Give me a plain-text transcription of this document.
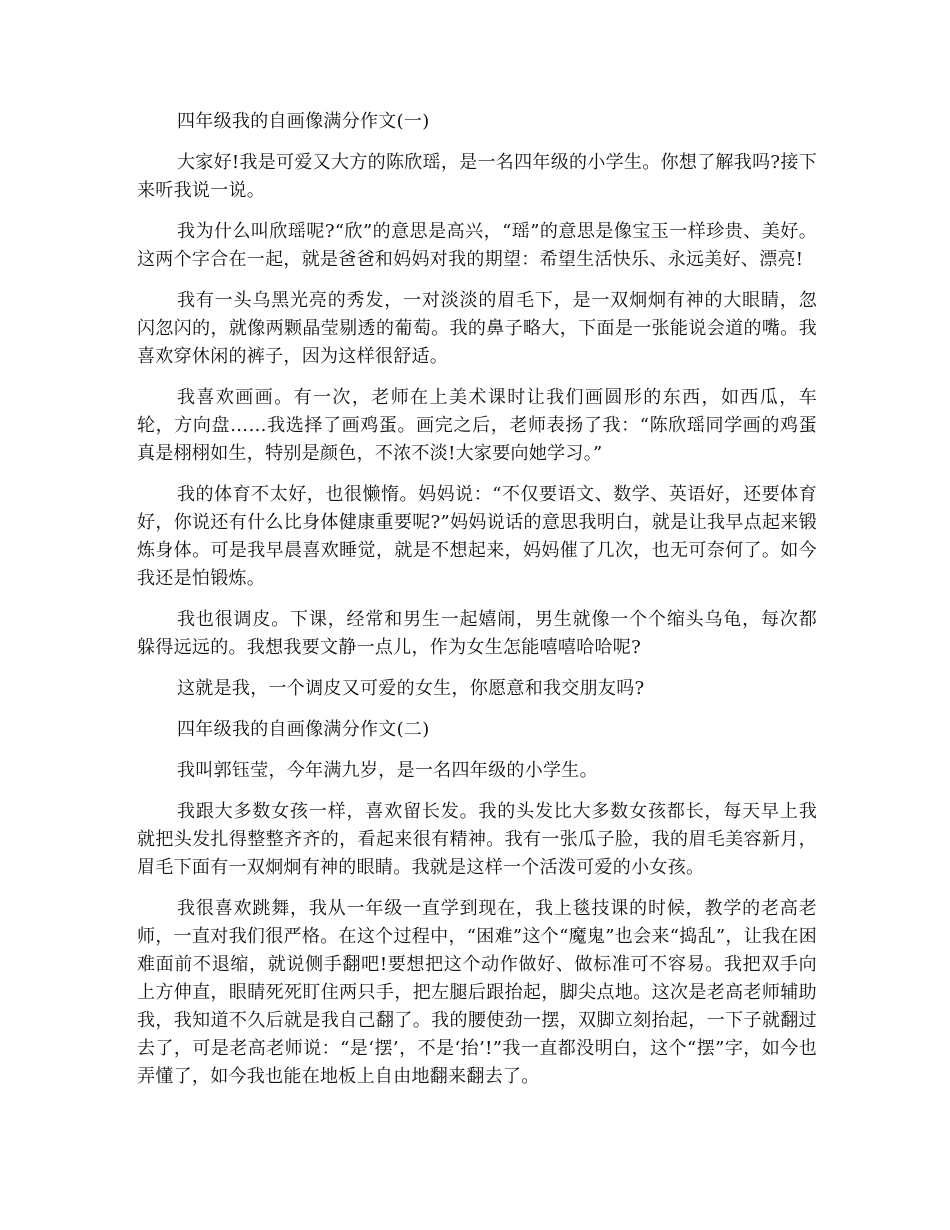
四年级我的自画像满分作文(一)

大家好!我是可爱又大方的陈欣瑶，是一名四年级的小学生。你想了解我吗?接下来听我说一说。

我为什么叫欣瑶呢?“欣”的意思是高兴，“瑶”的意思是像宝玉一样珍贵、美好。这两个字合在一起，就是爸爸和妈妈对我的期望：希望生活快乐、永远美好、漂亮!

我有一头乌黑光亮的秀发，一对淡淡的眉毛下，是一双炯炯有神的大眼睛，忽闪忽闪的，就像两颗晶莹剔透的葡萄。我的鼻子略大，下面是一张能说会道的嘴。我喜欢穿休闲的裤子，因为这样很舒适。

我喜欢画画。有一次，老师在上美术课时让我们画圆形的东西，如西瓜，车轮，方向盘……我选择了画鸡蛋。画完之后，老师表扬了我：“陈欣瑶同学画的鸡蛋真是栩栩如生，特别是颜色，不浓不淡!大家要向她学习。”

我的体育不太好，也很懒惰。妈妈说：“不仅要语文、数学、英语好，还要体育好，你说还有什么比身体健康重要呢?”妈妈说话的意思我明白，就是让我早点起来锻炼身体。可是我早晨喜欢睡觉，就是不想起来，妈妈催了几次，也无可奈何了。如今我还是怕锻炼。

我也很调皮。下课，经常和男生一起嬉闹，男生就像一个个缩头乌龟，每次都躲得远远的。我想我要文静一点儿，作为女生怎能嘻嘻哈哈呢?

这就是我，一个调皮又可爱的女生，你愿意和我交朋友吗?

四年级我的自画像满分作文(二)

我叫郭钰莹，今年满九岁，是一名四年级的小学生。

我跟大多数女孩一样，喜欢留长发。我的头发比大多数女孩都长，每天早上我就把头发扎得整整齐齐的，看起来很有精神。我有一张瓜子脸，我的眉毛美容新月，眉毛下面有一双炯炯有神的眼睛。我就是这样一个活泼可爱的小女孩。

我很喜欢跳舞，我从一年级一直学到现在，我上毯技课的时候，教学的老高老师，一直对我们很严格。在这个过程中，“困难”这个“魔鬼”也会来“捣乱”，让我在困难面前不退缩，就说侧手翻吧!要想把这个动作做好、做标准可不容易。我把双手向上方伸直，眼睛死死盯住两只手，把左腿后跟抬起，脚尖点地。这次是老高老师辅助我，我知道不久后就是我自己翻了。我的腰使劲一摆，双脚立刻抬起，一下子就翻过去了，可是老高老师说：“是‘摆’，不是‘抬’!”我一直都没明白，这个“摆”字，如今也弄懂了，如今我也能在地板上自由地翻来翻去了。
